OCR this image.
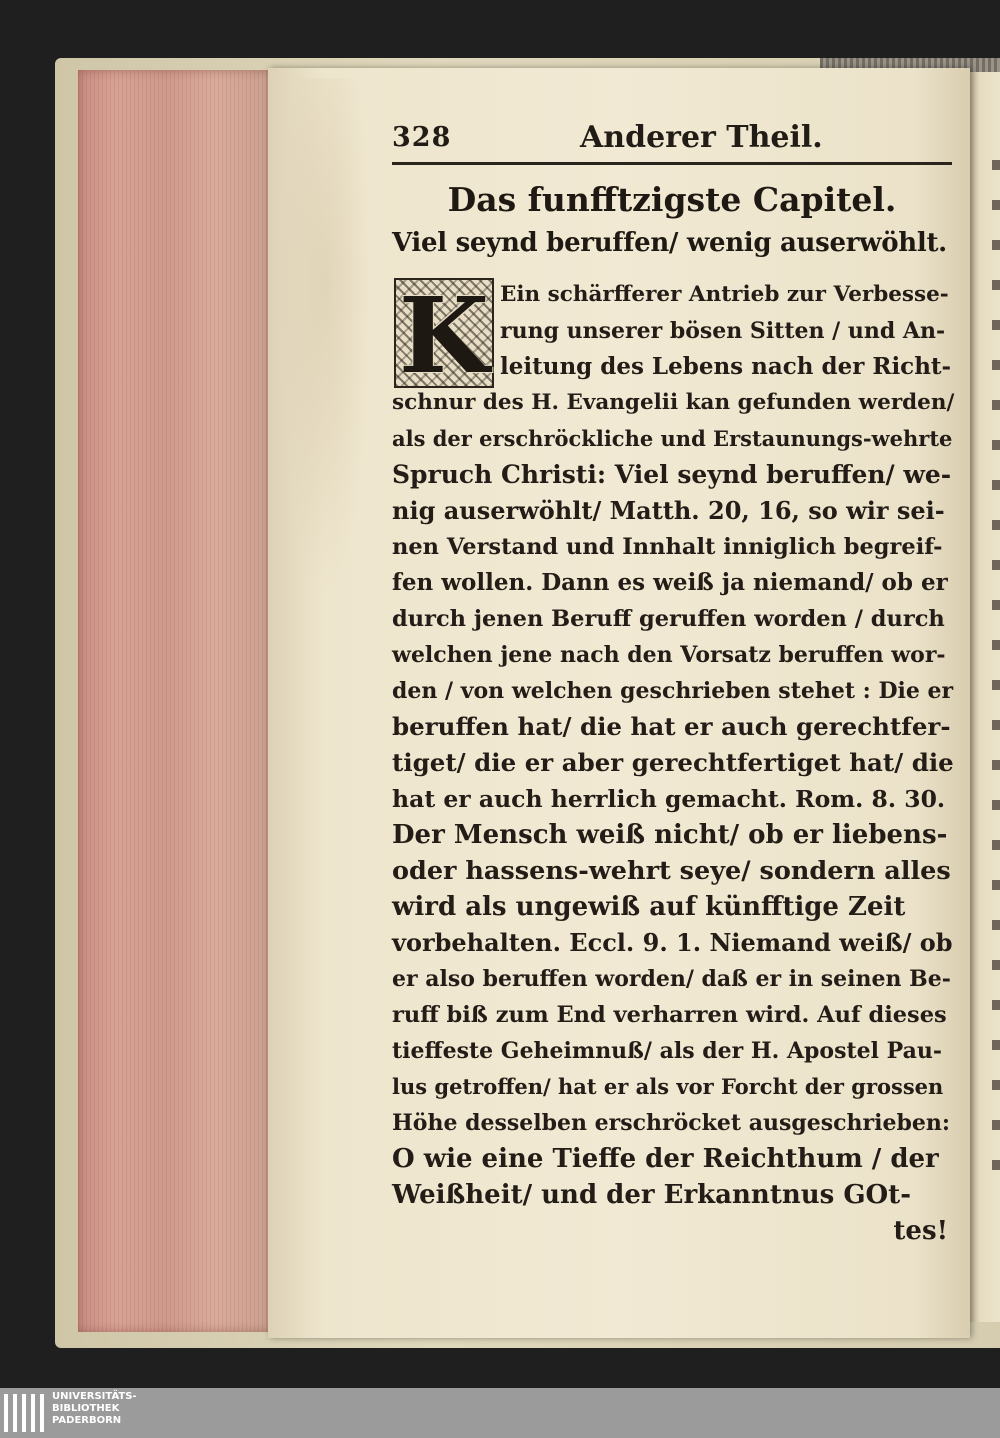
328	Anderer Theil.
Das funfftzigste Capitel.
Viel seynd beruffen/ wenig auserwöhlt.
K Ein schärfferer Antrieb zur Verbesse-
rung unserer bösen Sitten / und An-
leitung des Lebens nach der Richt-
schnur des H. Evangelii kan gefunden werden/
als der erschröckliche und Erstaunungs-wehrte
Spruch Christi: Viel seynd beruffen/ we-
nig auserwöhlt/ Matth. 20, 16, so wir sei-
nen Verstand und Innhalt inniglich begreif-
fen wollen. Dann es weiß ja niemand/ ob er
durch jenen Beruff geruffen worden / durch
welchen jene nach den Vorsatz beruffen wor-
den / von welchen geschrieben stehet : Die er
beruffen hat/ die hat er auch gerechtfer-
tiget/ die er aber gerechtfertiget hat/ die
hat er auch herrlich gemacht. Rom. 8. 30.
Der Mensch weiß nicht/ ob er liebens-
oder hassens-wehrt seye/ sondern alles
wird als ungewiß auf künfftige Zeit
vorbehalten. Eccl. 9. 1. Niemand weiß/ ob
er also beruffen worden/ daß er in seinen Be-
ruff biß zum End verharren wird. Auf dieses
tieffeste Geheimnuß/ als der H. Apostel Pau-
lus getroffen/ hat er als vor Forcht der grossen
Höhe desselben erschröcket ausgeschrieben:
O wie eine Tieffe der Reichthum / der
Weißheit/ und der Erkanntnus GOt-
tes!
UNIVERSITÄTS-
BIBLIOTHEK
PADERBORN
